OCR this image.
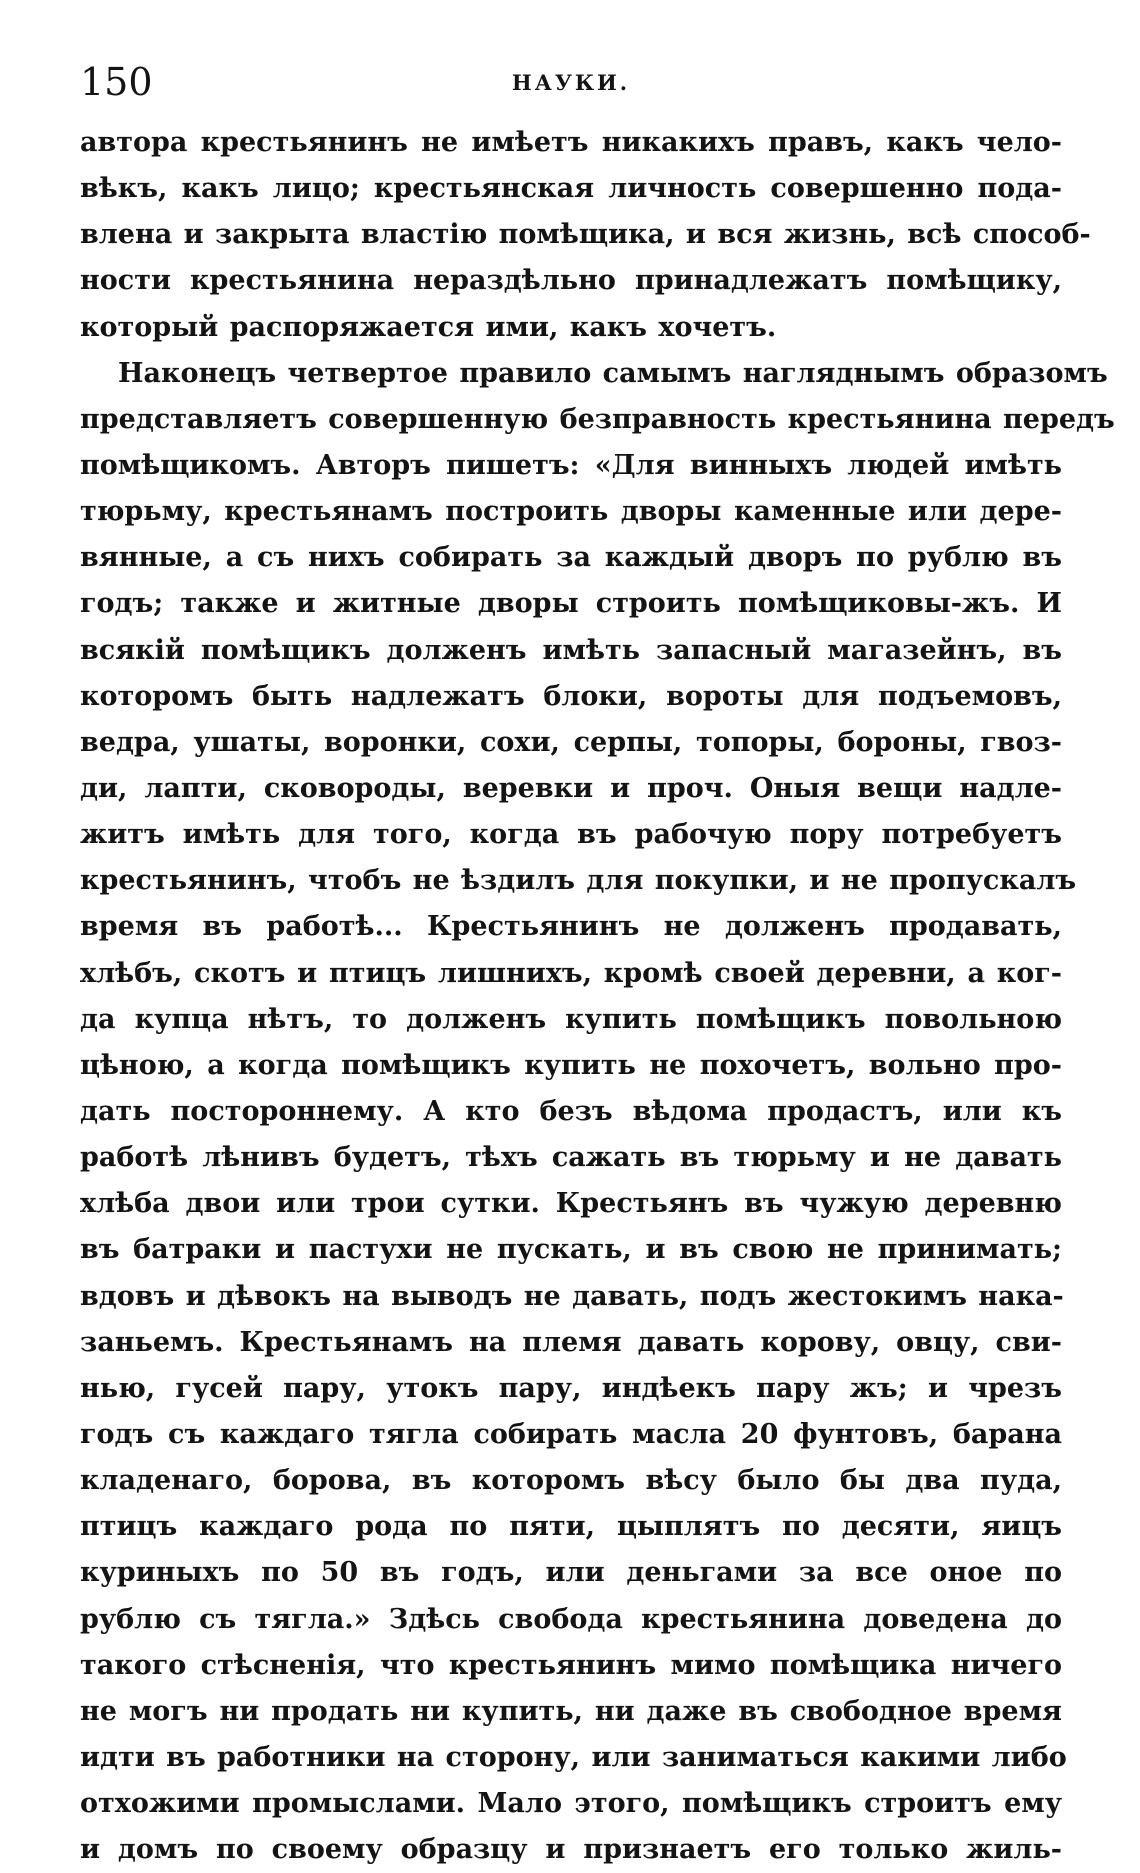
150	НАУКИ.
автора крестьянинъ не имѣетъ никакихъ правъ, какъ чело-
вѣкъ, какъ лицо; крестьянская личность совершенно пода-
влена и закрыта властію помѣщика, и вся жизнь, всѣ способ-
ности крестьянина нераздѣльно принадлежатъ помѣщику,
который распоряжается ими, какъ хочетъ.
Наконецъ четвертое правило самымъ нагляднымъ образомъ
представляетъ совершенную безправность крестьянина передъ
помѣщикомъ. Авторъ пишетъ: «Для винныхъ людей имѣть
тюрьму, крестьянамъ построить дворы каменные или дере-
вянные, а съ нихъ собирать за каждый дворъ по рублю въ
годъ; также и житные дворы строить помѣщиковы-жъ. И
всякій помѣщикъ долженъ имѣть запасный магазейнъ, въ
которомъ быть надлежатъ блоки, вороты для подъемовъ,
ведра, ушаты, воронки, сохи, серпы, топоры, бороны, гвоз-
ди, лапти, сковороды, веревки и проч. Оныя вещи надле-
житъ имѣть для того, когда въ рабочую пору потребуетъ
крестьянинъ, чтобъ не ѣздилъ для покупки, и не пропускалъ
время въ работѣ... Крестьянинъ не долженъ продавать,
хлѣбъ, скотъ и птицъ лишнихъ, кромѣ своей деревни, а ког-
да купца нѣтъ, то долженъ купить помѣщикъ повольною
цѣною, а когда помѣщикъ купить не похочетъ, вольно про-
дать постороннему. А кто безъ вѣдома продастъ, или къ
работѣ лѣнивъ будетъ, тѣхъ сажать въ тюрьму и не давать
хлѣба двои или трои сутки. Крестьянъ въ чужую деревню
въ батраки и пастухи не пускать, и въ свою не принимать;
вдовъ и дѣвокъ на выводъ не давать, подъ жестокимъ нака-
заньемъ. Крестьянамъ на племя давать корову, овцу, сви-
нью, гусей пару, утокъ пару, индѣекъ пару жъ; и чрезъ
годъ съ каждаго тягла собирать масла 20 фунтовъ, барана
кладенаго, борова, въ которомъ вѣсу было бы два пуда,
птицъ каждаго рода по пяти, цыплятъ по десяти, яицъ
куриныхъ по 50 въ годъ, или деньгами за все оное по
рублю съ тягла.» Здѣсь свобода крестьянина доведена до
такого стѣсненія, что крестьянинъ мимо помѣщика ничего
не могъ ни продать ни купить, ни даже въ свободное время
идти въ работники на сторону, или заниматься какими либо
отхожими промыслами. Мало этого, помѣщикъ строитъ ему
и домъ по своему образцу и признаетъ его только жиль-
